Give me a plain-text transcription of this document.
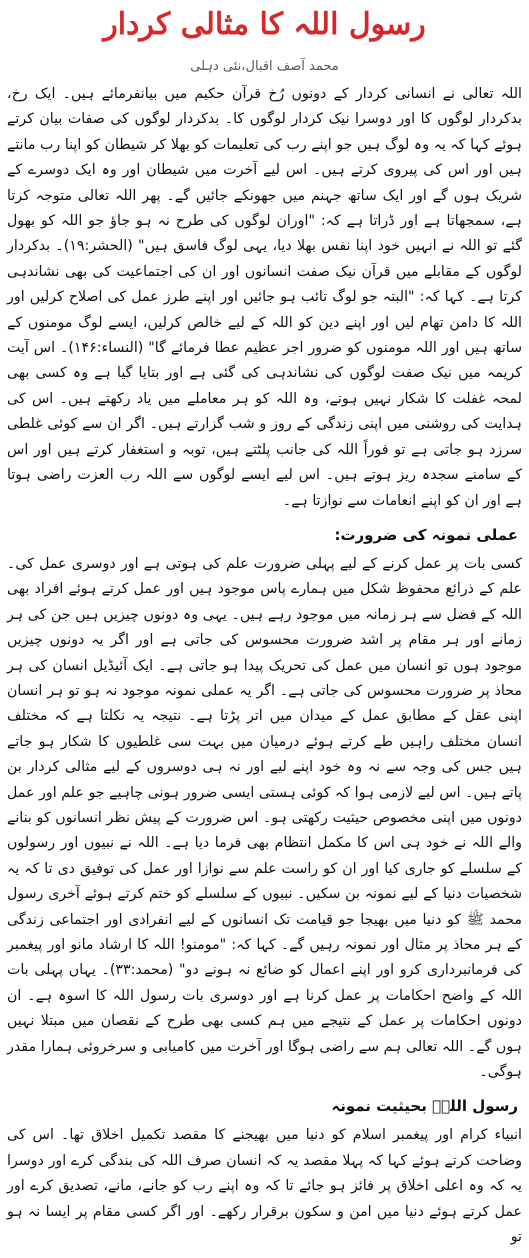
رسول اللہ کا مثالی کردار
محمد آصف اقبال،نئی دہلی

اللہ تعالی نے انسانی کردار کے دونوں رُخ قرآن حکیم میں بیانفرمائے ہیں۔ ایک رخ، بدکردار لوگوں کا اور دوسرا نیک کردار لوگوں کا۔ بدکردار لوگوں کی صفات بیان کرتے ہوئے کہا کہ یہ وہ لوگ ہیں جو اپنے رب کی تعلیمات کو بھلا کر شیطان کو اپنا رب مانتے ہیں اور اس کی پیروی کرتے ہیں۔ اس لیے آخرت میں شیطان اور وہ ایک دوسرے کے شریک ہوں گے اور ایک ساتھ جہنم میں جھونکے جائیں گے۔ پھر اللہ تعالی متوجہ کرتا ہے، سمجھاتا ہے اور ڈراتا ہے کہ: "اوران لوگوں کی طرح نہ ہو جاؤ جو اللہ کو بھول گئے تو اللہ نے انہیں خود اپنا نفس بھلا دیا، یہی لوگ فاسق ہیں" (الحشر:۱۹)۔ بدکردار لوگوں کے مقابلے میں قرآن نیک صفت انسانوں اور ان کی اجتماعیت کی بھی نشاندہی کرتا ہے۔ کہا کہ: "البتہ جو لوگ تائب ہو جائیں اور اپنے طرز عمل کی اصلاح کرلیں اور اللہ کا دامن تھام لیں اور اپنے دین کو اللہ کے لیے خالص کرلیں، ایسے لوگ مومنوں کے ساتھ ہیں اور اللہ مومنوں کو ضرور اجر عظیم عطا فرمائے گا" (النساء:۱۴۶)۔ اس آیت کریمہ میں نیک صفت لوگوں کی نشاندہی کی گئی ہے اور بتایا گیا ہے وہ کسی بھی لمحہ غفلت کا شکار نہیں ہوتے، وہ اللہ کو ہر معاملے میں یاد رکھتے ہیں۔ اس کی ہدایت کی روشنی میں اپنی زندگی کے روز و شب گزارتے ہیں۔ اگر ان سے کوئی غلطی سرزد ہو جاتی ہے تو فوراً اللہ کی جانب پلٹتے ہیں، توبہ و استغفار کرتے ہیں اور اس کے سامنے سجدہ ریز ہوتے ہیں۔ اس لیے ایسے لوگوں سے اللہ رب العزت راضی ہوتا ہے اور ان کو اپنے انعامات سے نوازتا ہے۔

عملی نمونہ کی ضرورت:

کسی بات پر عمل کرنے کے لیے پہلی ضرورت علم کی ہوتی ہے اور دوسری عمل کی۔ علم کے ذرائع محفوظ شکل میں ہمارے پاس موجود ہیں اور عمل کرتے ہوئے افراد بھی اللہ کے فضل سے ہر زمانہ میں موجود رہے ہیں۔ یہی وہ دونوں چیزیں ہیں جن کی ہر زمانے اور ہر مقام پر اشد ضرورت محسوس کی جاتی ہے اور اگر یہ دونوں چیزیں موجود ہوں تو انسان میں عمل کی تحریک پیدا ہو جاتی ہے۔ ایک آئیڈیل انسان کی ہر محاذ پر ضرورت محسوس کی جاتی ہے۔ اگر یہ عملی نمونہ موجود نہ ہو تو ہر انسان اپنی عقل کے مطابق عمل کے میدان میں اتر پڑتا ہے۔ نتیجہ یہ نکلتا ہے کہ مختلف انسان مختلف راہیں طے کرتے ہوئے درمیان میں بہت سی غلطیوں کا شکار ہو جاتے ہیں جس کی وجہ سے نہ وہ خود اپنے لیے اور نہ ہی دوسروں کے لیے مثالی کردار بن پاتے ہیں۔ اس لیے لازمی ہوا کہ کوئی ہستی ایسی ضرور ہونی چاہیے جو علم اور عمل دونوں میں اپنی مخصوص حیثیت رکھتی ہو۔ اس ضرورت کے پیش نظر انسانوں کو بنانے والے اللہ نے خود ہی اس کا مکمل انتظام بھی فرما دیا ہے۔ اللہ نے نبیوں اور رسولوں کے سلسلے کو جاری کیا اور ان کو راست علم سے نوازا اور عمل کی توفیق دی تا کہ یہ شخصیات دنیا کے لیے نمونہ بن سکیں۔ نبیوں کے سلسلے کو ختم کرتے ہوئے آخری رسول محمد ﷺ کو دنیا میں بھیجا جو قیامت تک انسانوں کے لیے انفرادی اور اجتماعی زندگی کے ہر محاذ پر مثال اور نمونہ رہیں گے۔ کہا کہ: "مومنو! اللہ کا ارشاد مانو اور پیغمبر کی فرمانبرداری کرو اور اپنے اعمال کو ضائع نہ ہونے دو" (محمد:۳۳)۔ یہاں پہلی بات اللہ کے واضح احکامات پر عمل کرنا ہے اور دوسری بات رسول اللہ کا اسوہ ہے۔ ان دونوں احکامات پر عمل کے نتیجے میں ہم کسی بھی طرح کے نقصان میں مبتلا نہیں ہوں گے۔ اللہ تعالی ہم سے راضی ہوگا اور آخرت میں کامیابی و سرخروئی ہمارا مقدر ہوگی۔

رسول اللہؐ بحیثیت نمونہ

انبیاء کرام اور پیغمبر اسلام کو دنیا میں بھیجنے کا مقصد تکمیل اخلاق تھا۔ اس کی وضاحت کرتے ہوئے کہا کہ پہلا مقصد یہ کہ انسان صرف اللہ کی بندگی کرے اور دوسرا یہ کہ وہ اعلی اخلاق پر فائز ہو جائے تا کہ وہ اپنے رب کو جانے، مانے، تصدیق کرے اور عمل کرتے ہوئے دنیا میں امن و سکون برقرار رکھے۔ اور اگر کسی مقام پر ایسا نہ ہو تو
